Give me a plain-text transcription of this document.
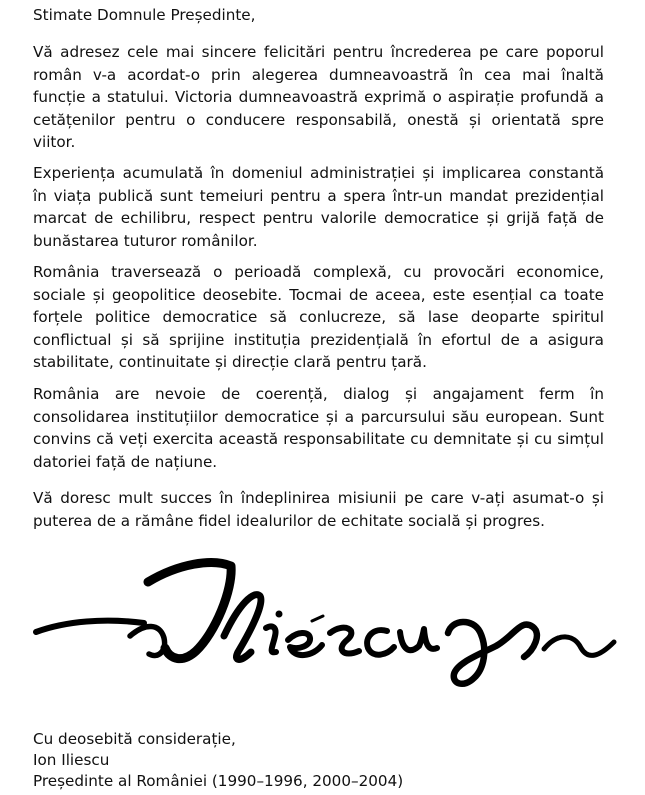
Stimate Domnule Președinte,

Vă adresez cele mai sincere felicitări pentru încrederea pe care poporul român v-a acordat-o prin alegerea dumneavoastră în cea mai înaltă funcție a statului. Victoria dumneavoastră exprimă o aspirație profundă a cetățenilor pentru o conducere responsabilă, onestă și orientată spre viitor.

Experiența acumulată în domeniul administrației și implicarea constantă în viața publică sunt temeiuri pentru a spera într-un mandat prezidențial marcat de echilibru, respect pentru valorile democratice și grijă față de bunăstarea tuturor românilor.

România traversează o perioadă complexă, cu provocări economice, sociale și geopolitice deosebite. Tocmai de aceea, este esențial ca toate forțele politice democratice să conlucreze, să lase deoparte spiritul conflictual și să sprijine instituția prezidențială în efortul de a asigura stabilitate, continuitate și direcție clară pentru țară.

România are nevoie de coerență, dialog și angajament ferm în consolidarea instituțiilor democratice și a parcursului său european. Sunt convins că veți exercita această responsabilitate cu demnitate și cu simțul datoriei față de națiune.

Vă doresc mult succes în îndeplinirea misiunii pe care v-ați asumat-o și puterea de a rămâne fidel idealurilor de echitate socială și progres.

Cu deosebită considerație,
Ion Iliescu
Președinte al României (1990–1996, 2000–2004)
